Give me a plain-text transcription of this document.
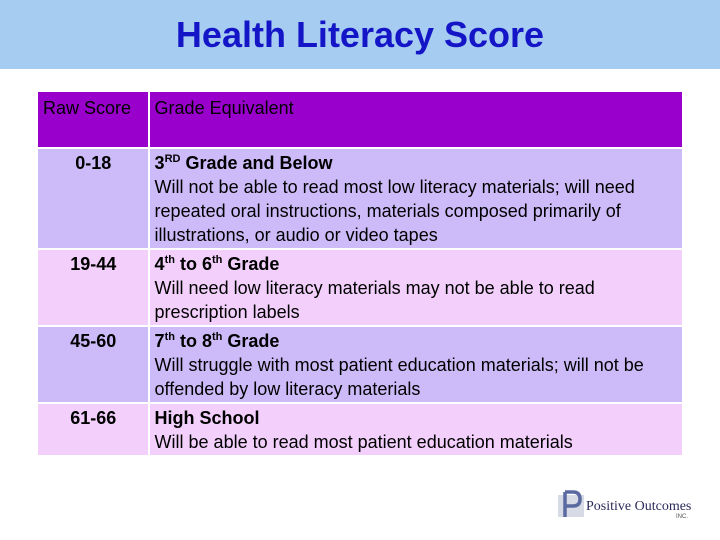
Health Literacy Score
Raw Score	Grade Equivalent
0-18	3RD Grade and Below
Will not be able to read most low literacy materials; will need repeated oral instructions, materials composed primarily of illustrations, or audio or video tapes

19-44	4th to 6th Grade
Will need low literacy materials may not be able to read prescription labels

45-60	7th to 8th Grade
Will struggle with most patient education materials; will not be offended by low literacy materials

61-66	High School
Will be able to read most patient education materials
Positive Outcomes
INC.
